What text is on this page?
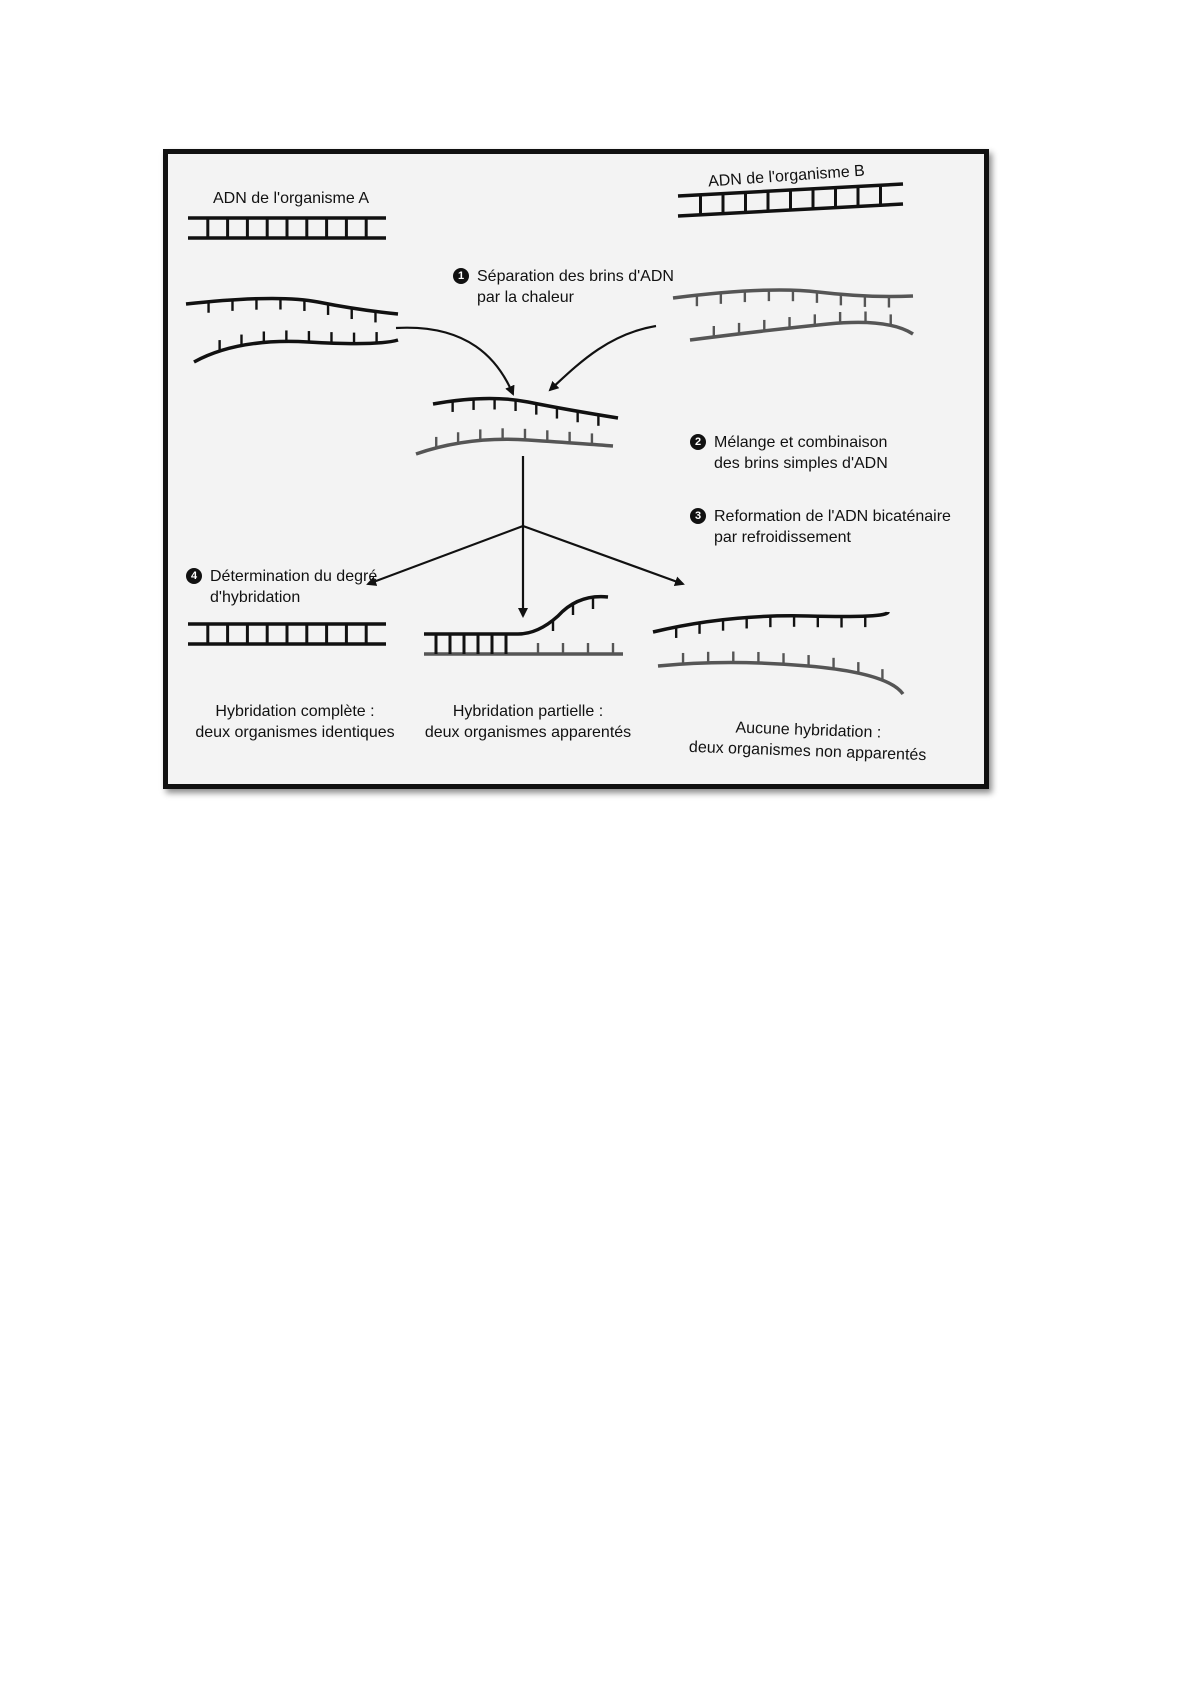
ADN de l'organisme A
ADN de l'organisme B
1 Séparation des brins d'ADN
par la chaleur
2 Mélange et combinaison
des brins simples d'ADN
3 Reformation de l'ADN bicaténaire
par refroidissement
4 Détermination du degré
d'hybridation
Hybridation complète :
deux organismes identiques
Hybridation partielle :
deux organismes apparentés	Aucune hybridation :
deux organismes non apparentés
